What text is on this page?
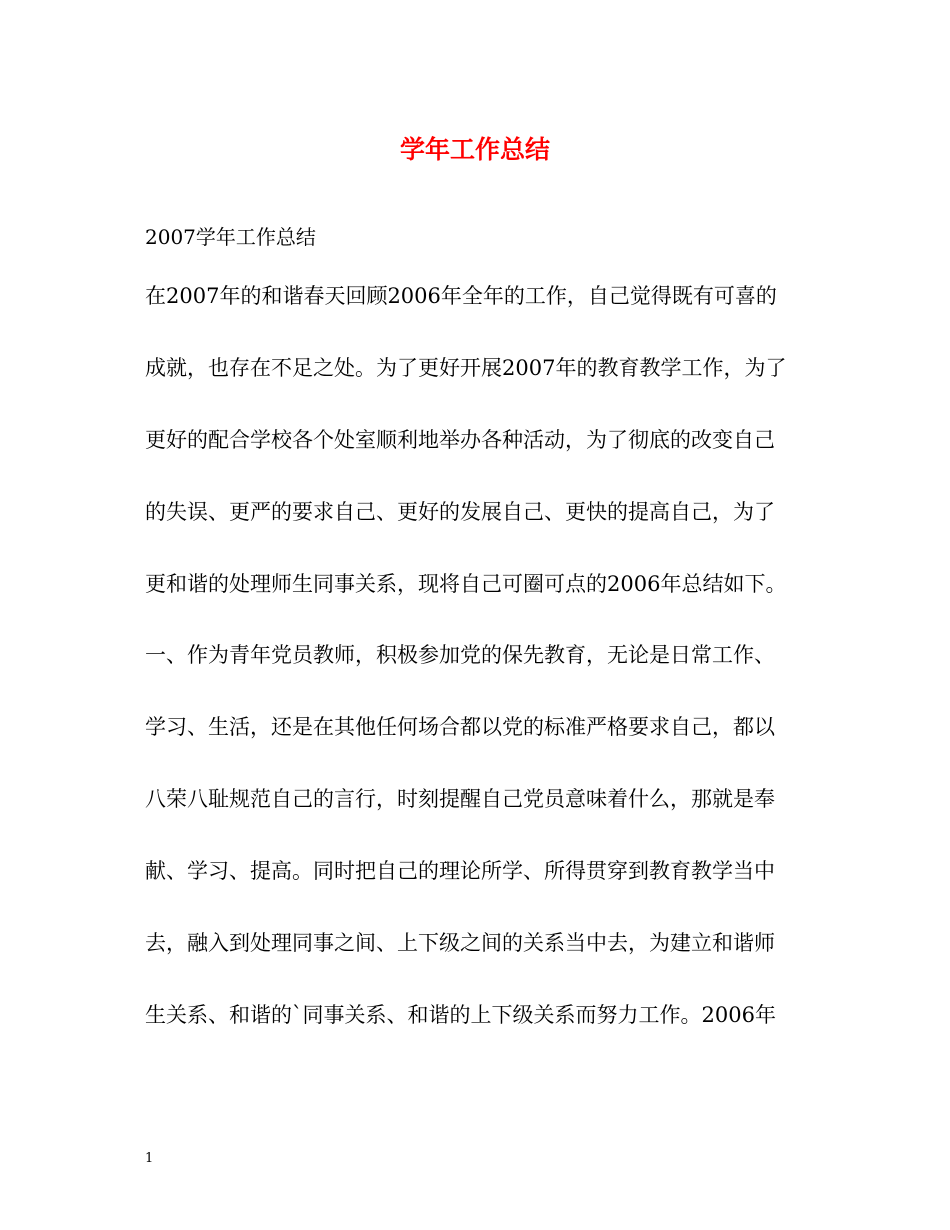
学年工作总结

2007学年工作总结

在2007年的和谐春天回顾2006年全年的工作，自己觉得既有可喜的
成就，也存在不足之处。为了更好开展2007年的教育教学工作，为了
更好的配合学校各个处室顺利地举办各种活动，为了彻底的改变自己
的失误、更严的要求自己、更好的发展自己、更快的提高自己，为了
更和谐的处理师生同事关系，现将自己可圈可点的2006年总结如下。
一、作为青年党员教师，积极参加党的保先教育，无论是日常工作、
学习、生活，还是在其他任何场合都以党的标准严格要求自己，都以
八荣八耻规范自己的言行，时刻提醒自己党员意味着什么，那就是奉
献、学习、提高。同时把自己的理论所学、所得贯穿到教育教学当中
去，融入到处理同事之间、上下级之间的关系当中去，为建立和谐师
生关系、和谐的`同事关系、和谐的上下级关系而努力工作。2006年

1
